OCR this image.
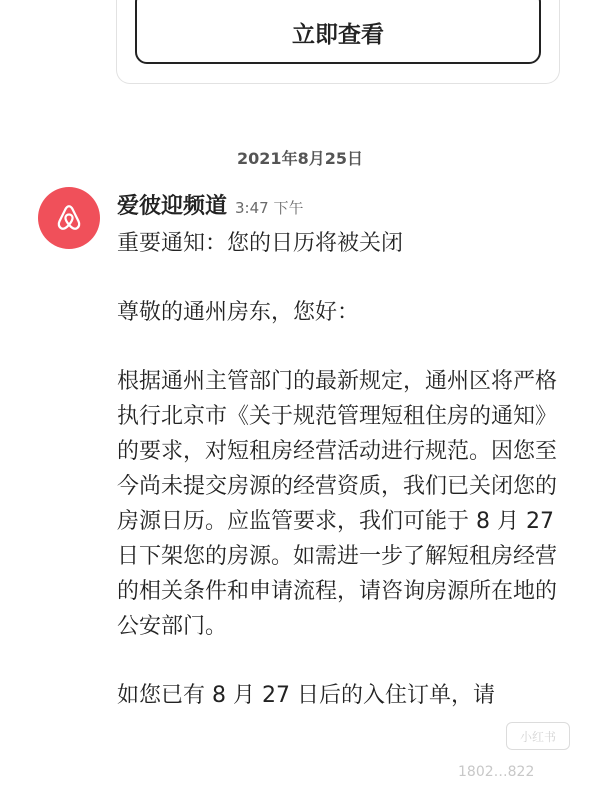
立即查看
2021年8月25日
爱彼迎频道 3:47 下午

重要通知：您的日历将被关闭

尊敬的通州房东，您好：

根据通州主管部门的最新规定，通州区将严格执行北京市《关于规范管理短租住房的通知》的要求，对短租房经营活动进行规范。因您至今尚未提交房源的经营资质，我们已关闭您的房源日历。应监管要求，我们可能于 8 月 27 日下架您的房源。如需进一步了解短租房经营的相关条件和申请流程，请咨询房源所在地的公安部门。

如您已有 8 月 27 日后的入住订单，请

小红书
1802…822
